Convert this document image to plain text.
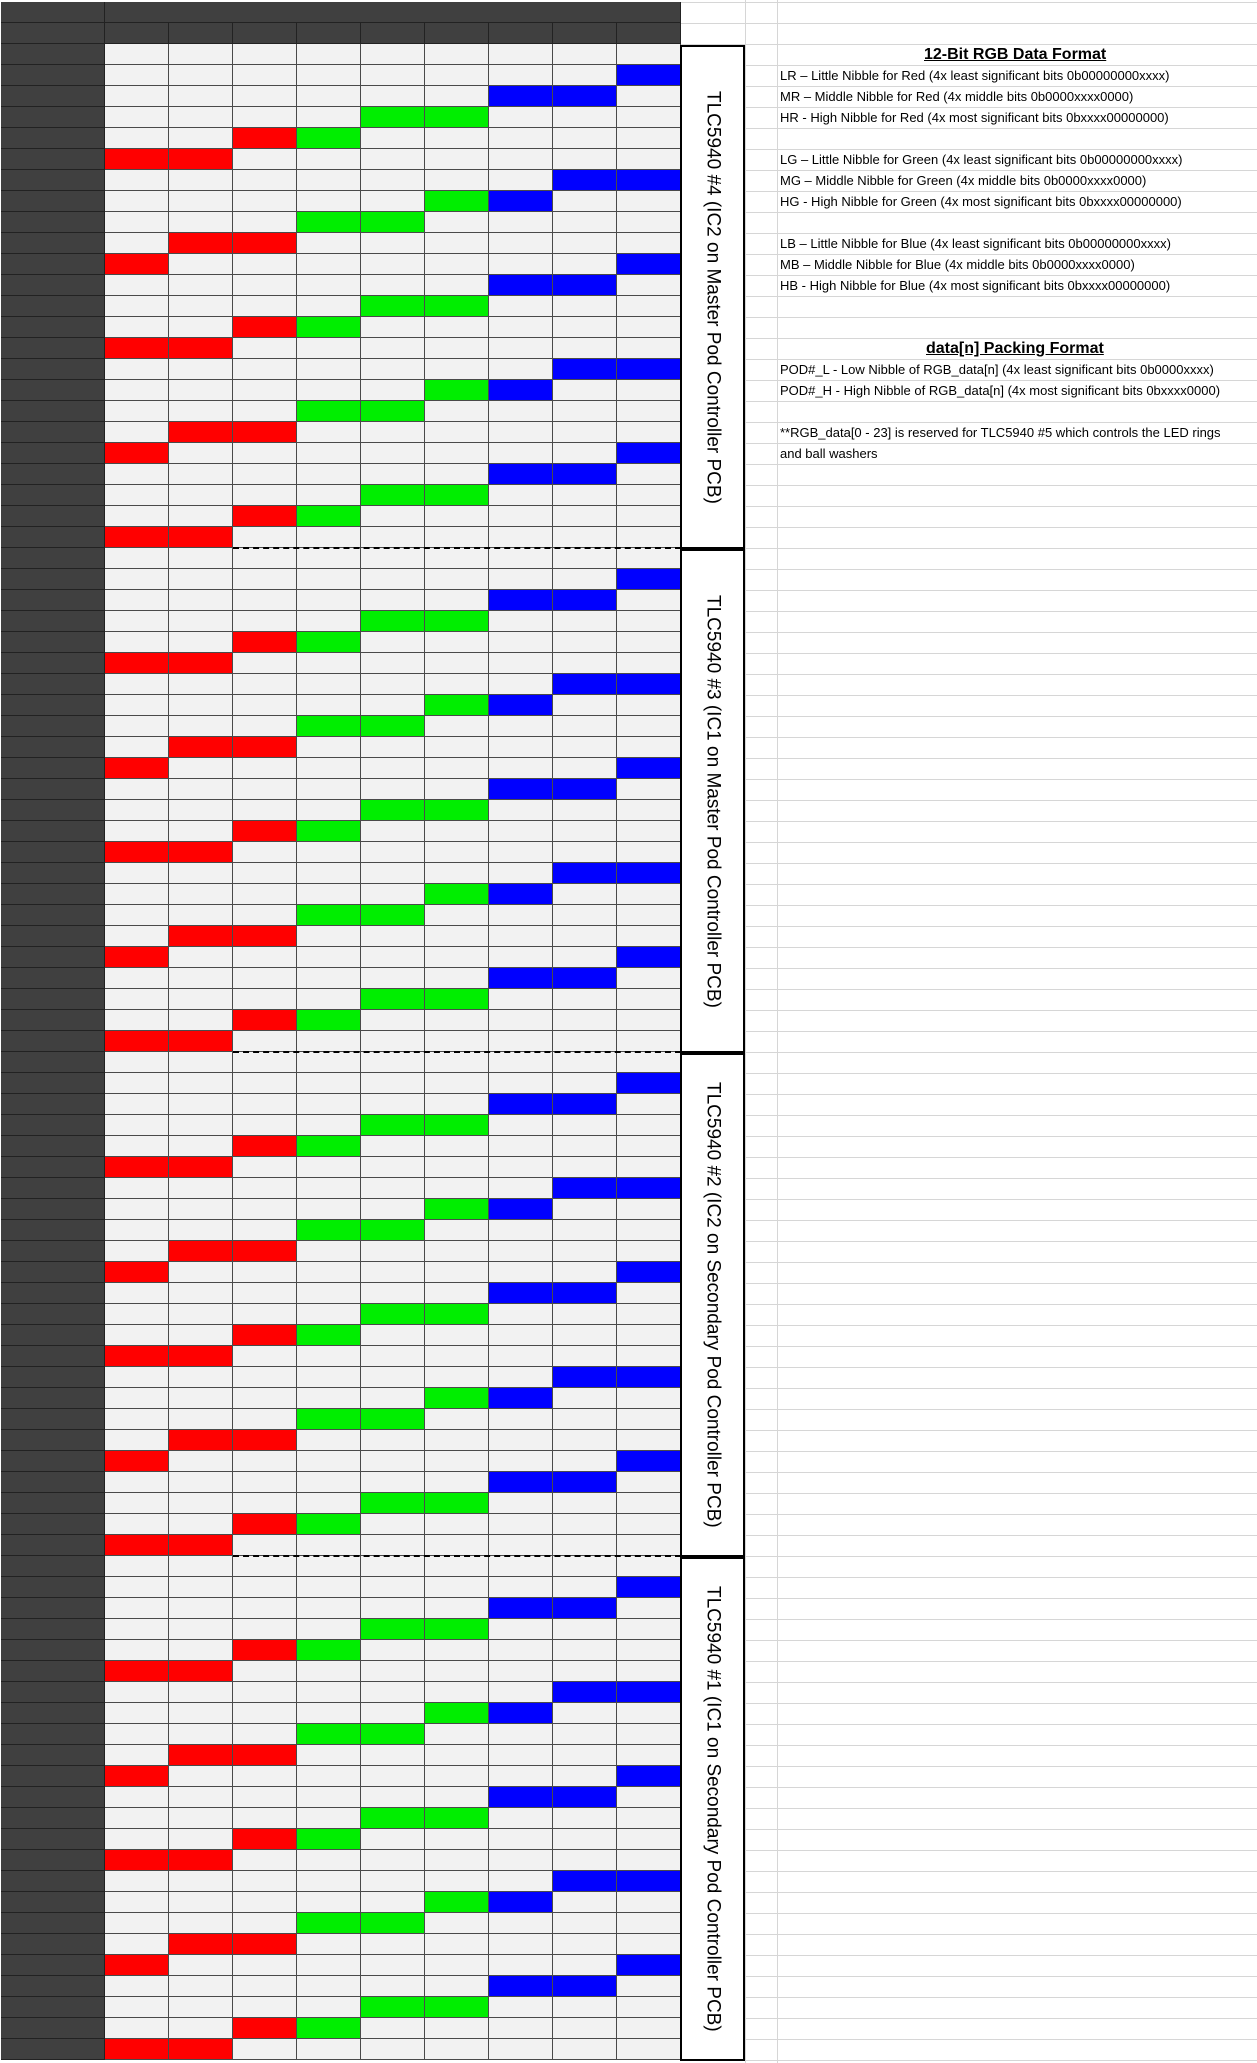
TLC5940 #4 (IC2 on Master Pod Controller PCB)
TLC5940 #3 (IC1 on Master Pod Controller PCB)
TLC5940 #2 (IC2 on Secondary Pod Controller PCB)
TLC5940 #1 (IC1 on Secondary Pod Controller PCB)
12-Bit RGB Data Format
LR – Little Nibble for Red (4x least significant bits 0b00000000xxxx)
MR – Middle Nibble for Red (4x middle bits 0b0000xxxx0000)
HR - High Nibble for Red (4x most significant bits 0bxxxx00000000)
LG – Little Nibble for Green (4x least significant bits 0b00000000xxxx)
MG – Middle Nibble for Green (4x middle bits 0b0000xxxx0000)
HG - High Nibble for Green (4x most significant bits 0bxxxx00000000)
LB – Little Nibble for Blue (4x least significant bits 0b00000000xxxx)
MB – Middle Nibble for Blue (4x middle bits 0b0000xxxx0000)
HB - High Nibble for Blue (4x most significant bits 0bxxxx00000000)
data[n] Packing Format
POD#_L - Low Nibble of RGB_data[n] (4x least significant bits 0b0000xxxx)
POD#_H - High Nibble of RGB_data[n] (4x most significant bits 0bxxxx0000)
**RGB_data[0 - 23] is reserved for TLC5940 #5 which controls the LED rings
and ball washers
